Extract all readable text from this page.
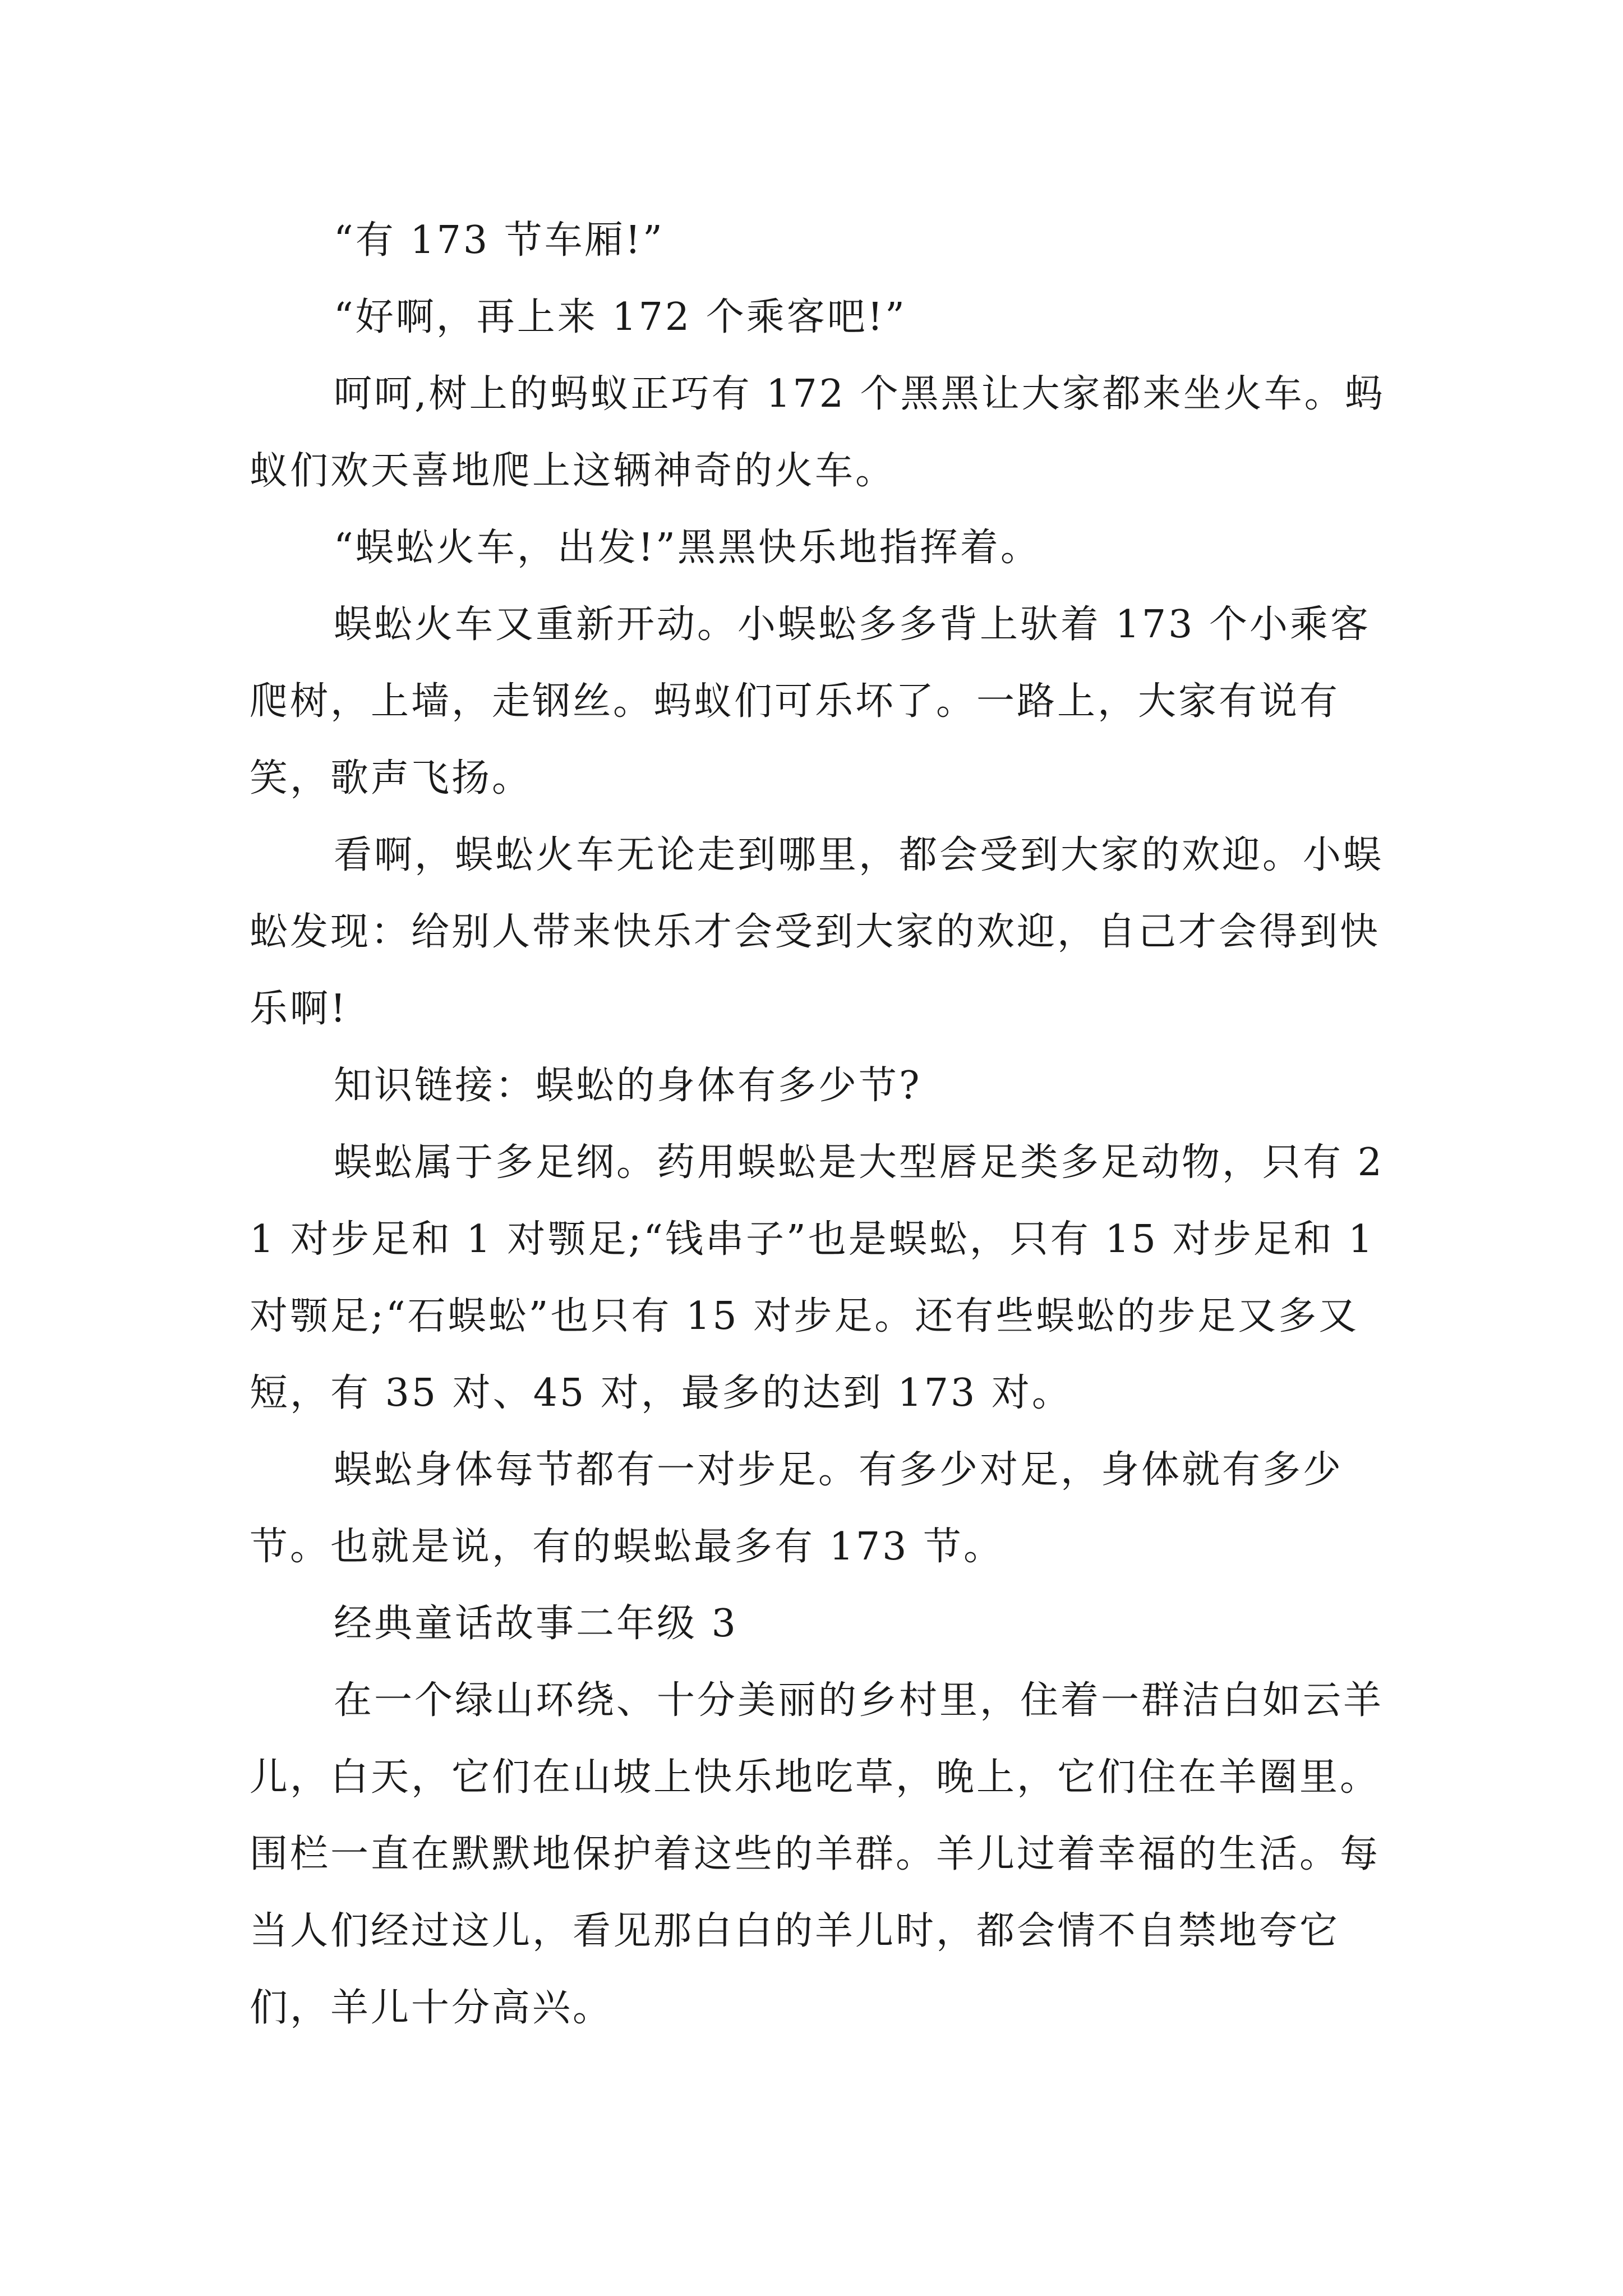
“有 173 节车厢!”

“好啊，再上来 172 个乘客吧!”

呵呵,树上的蚂蚁正巧有 172 个黑黑让大家都来坐火车。蚂蚁们欢天喜地爬上这辆神奇的火车。

“蜈蚣火车，出发!”黑黑快乐地指挥着。

蜈蚣火车又重新开动。小蜈蚣多多背上驮着 173 个小乘客爬树，上墙，走钢丝。蚂蚁们可乐坏了。一路上，大家有说有笑，歌声飞扬。

看啊，蜈蚣火车无论走到哪里，都会受到大家的欢迎。小蜈蚣发现：给别人带来快乐才会受到大家的欢迎，自己才会得到快乐啊!

知识链接：蜈蚣的身体有多少节?

蜈蚣属于多足纲。药用蜈蚣是大型唇足类多足动物，只有 21 对步足和 1 对颚足;“钱串子”也是蜈蚣，只有 15 对步足和 1 对颚足;“石蜈蚣”也只有 15 对步足。还有些蜈蚣的步足又多又短，有 35 对、45 对，最多的达到 173 对。

蜈蚣身体每节都有一对步足。有多少对足，身体就有多少节。也就是说，有的蜈蚣最多有 173 节。

经典童话故事二年级 3

在一个绿山环绕、十分美丽的乡村里，住着一群洁白如云羊儿，白天，它们在山坡上快乐地吃草，晚上，它们住在羊圈里。围栏一直在默默地保护着这些的羊群。羊儿过着幸福的生活。每当人们经过这儿，看见那白白的羊儿时，都会情不自禁地夸它们，羊儿十分高兴。
